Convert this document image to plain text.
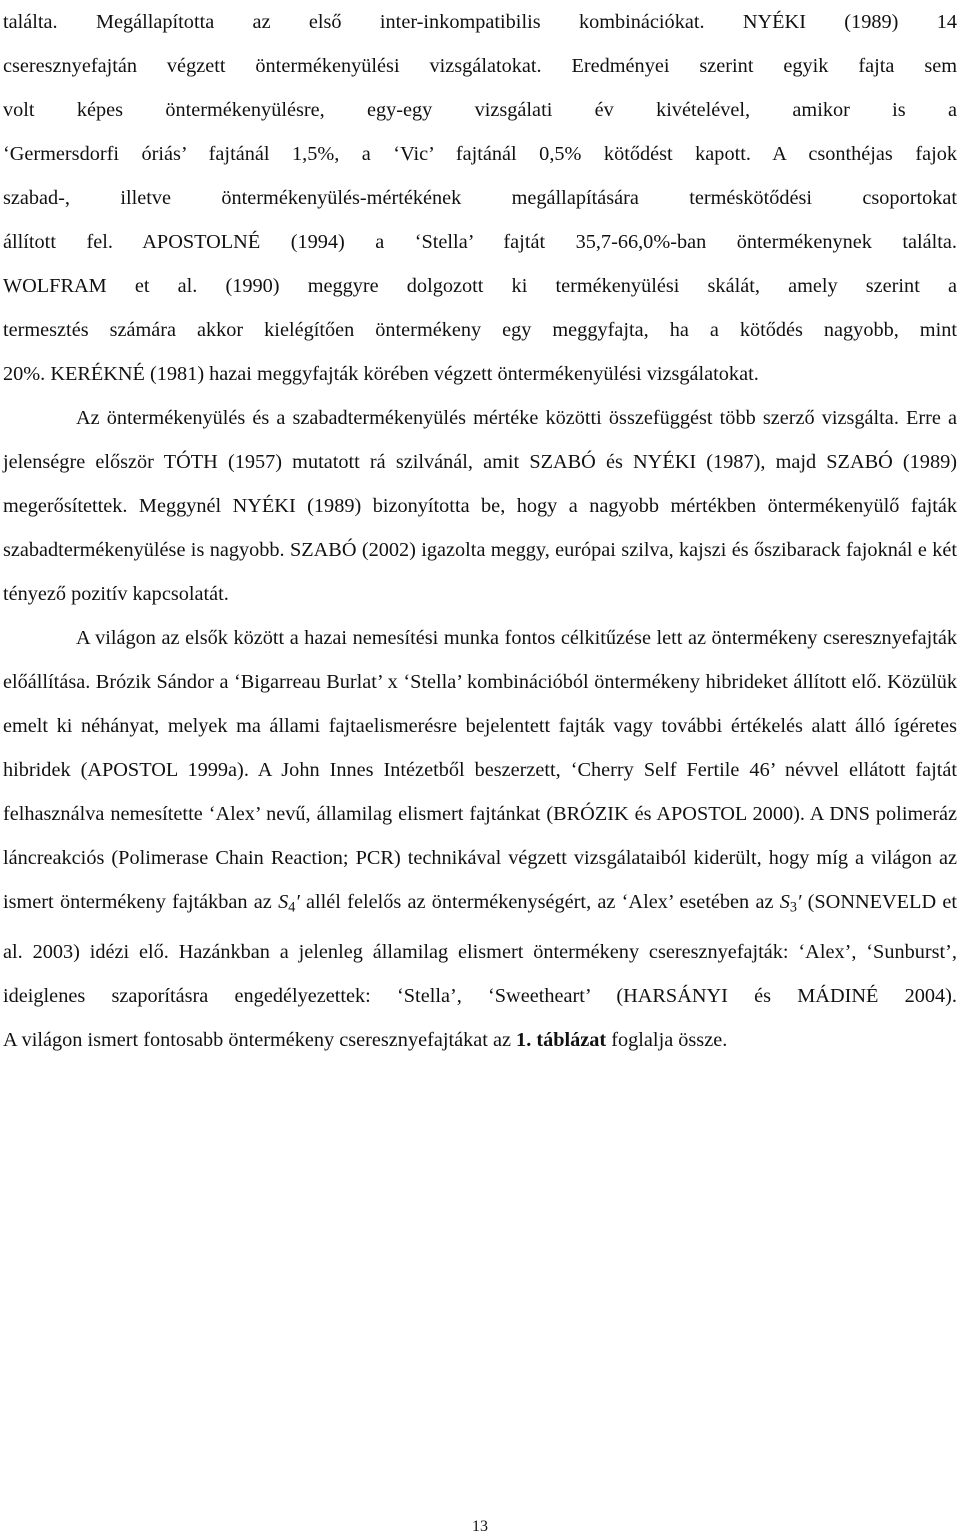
találta. Megállapította az első inter-inkompatibilis kombinációkat. NYÉKI (1989) 14
cseresznyefajtán végzett öntermékenyülési vizsgálatokat. Eredményei szerint egyik fajta sem
volt képes öntermékenyülésre, egy-egy vizsgálati év kivételével, amikor is a
‘Germersdorfi óriás’ fajtánál 1,5%, a ‘Vic’ fajtánál 0,5% kötődést kapott. A csonthéjas fajok
szabad-, illetve öntermékenyülés-mértékének megállapítására terméskötődési csoportokat
állított fel. APOSTOLNÉ (1994) a ‘Stella’ fajtát 35,7-66,0%-ban öntermékenynek találta.
WOLFRAM et al. (1990) meggyre dolgozott ki termékenyülési skálát, amely szerint a
termesztés számára akkor kielégítően öntermékeny egy meggyfajta, ha a kötődés nagyobb, mint
20%. KERÉKNÉ (1981) hazai meggyfajták körében végzett öntermékenyülési vizsgálatokat.

Az öntermékenyülés és a szabadtermékenyülés mértéke közötti összefüggést több szerző vizsgálta. Erre a jelenségre először TÓTH (1957) mutatott rá szilvánál, amit SZABÓ és NYÉKI (1987), majd SZABÓ (1989) megerősítettek. Meggynél NYÉKI (1989) bizonyította be, hogy a nagyobb mértékben öntermékenyülő fajták szabadtermékenyülése is nagyobb. SZABÓ (2002) igazolta meggy, európai szilva, kajszi és őszibarack fajoknál e két tényező pozitív kapcsolatát.

A világon az elsők között a hazai nemesítési munka fontos célkitűzése lett az öntermékeny cseresznyefajták előállítása. Brózik Sándor a ‘Bigarreau Burlat’ x ‘Stella’ kombinációból öntermékeny hibrideket állított elő. Közülük emelt ki néhányat, melyek ma állami fajtaelismerésre bejelentett fajták vagy további értékelés alatt álló ígéretes hibridek (APOSTOL 1999a). A John Innes Intézetből beszerzett, ‘Cherry Self Fertile 46’ névvel ellátott fajtát felhasználva nemesítette ‘Alex’ nevű, államilag elismert fajtánkat (BRÓZIK és APOSTOL 2000). A DNS polimeráz láncreakciós (Polimerase Chain Reaction; PCR) technikával végzett vizsgálataiból kiderült, hogy míg a világon az ismert öntermékeny fajtákban az $S_4'$ allél felelős az öntermékenységért, az ‘Alex’ esetében az $S_3'$ (SONNEVELD et al. 2003) idézi elő. Hazánkban a jelenleg államilag elismert öntermékeny cseresznyefajták: ‘Alex’, ‘Sunburst’, ideiglenes szaporításra engedélyezettek: ‘Stella’, ‘Sweetheart’ (HARSÁNYI és MÁDINÉ 2004).

A világon ismert fontosabb öntermékeny cseresznyefajtákat az 1. táblázat foglalja össze.

13
